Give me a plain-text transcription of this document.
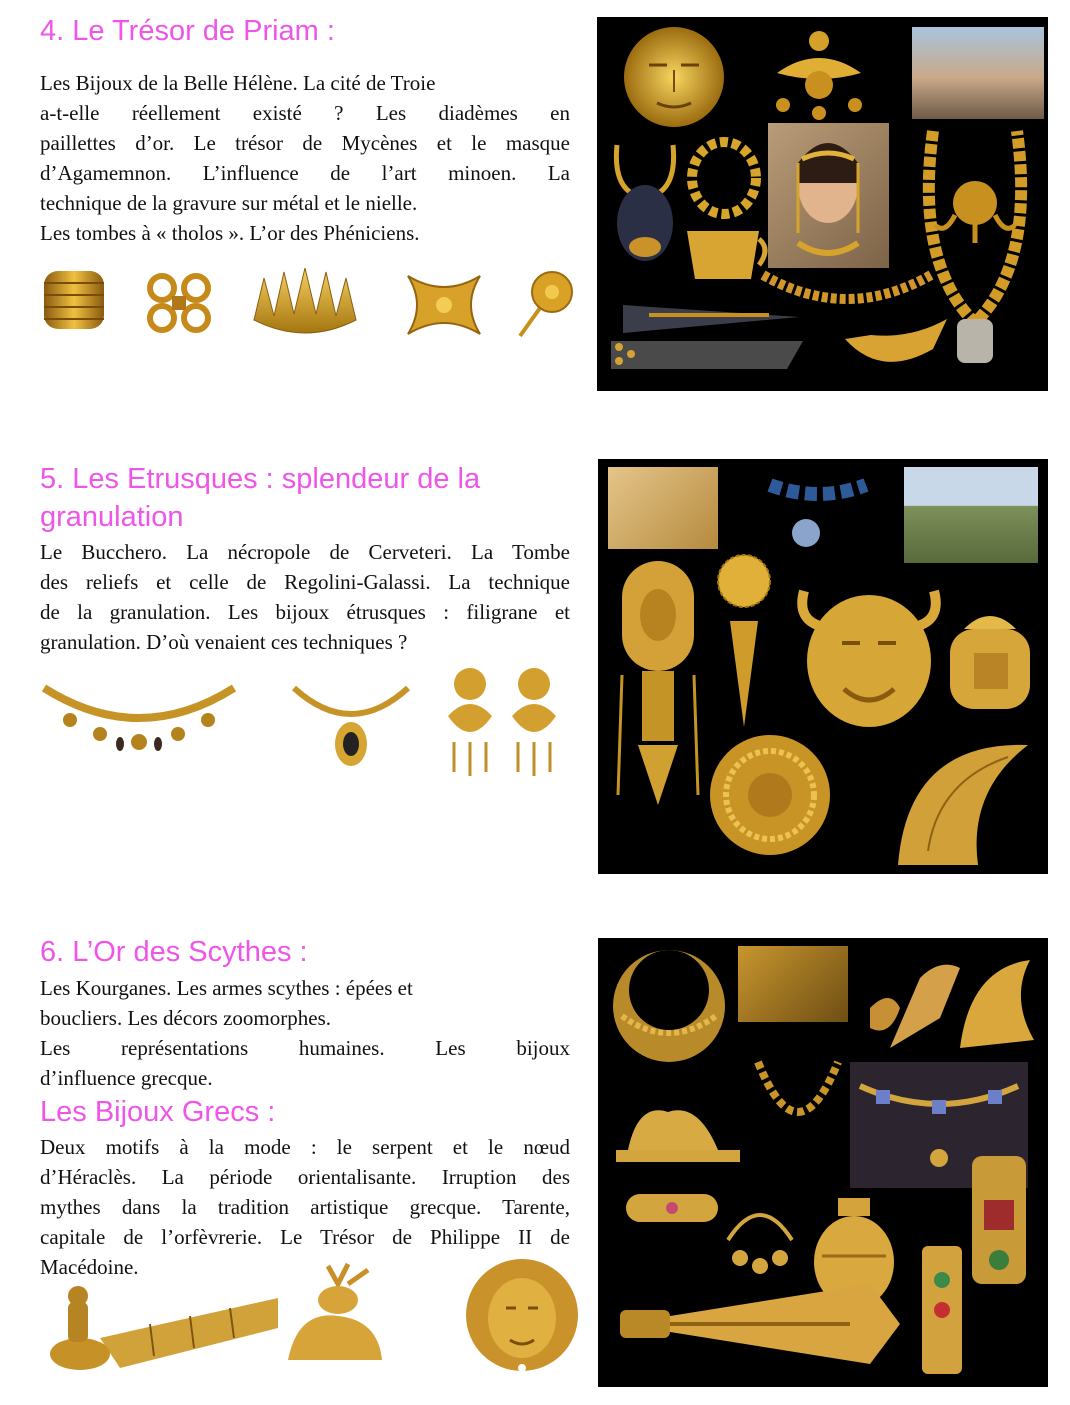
4. Le Trésor de Priam :
Les Bijoux de la Belle Hélène. La cité de Troie
a-t-elle réellement existé ? Les diadèmes en
paillettes d’or. Le trésor de Mycènes et le masque
d’Agamemnon. L’influence de l’art minoen. La
technique de la gravure sur métal et le nielle.
Les tombes à « tholos ». L’or des Phéniciens.
5. Les Etrusques : splendeur de la
granulation
Le Bucchero. La nécropole de Cerveteri. La Tombe
des reliefs et celle de Regolini-Galassi. La technique
de la granulation. Les bijoux étrusques : filigrane et
granulation. D’où venaient ces techniques ?
6. L’Or des Scythes :
Les Kourganes. Les armes scythes : épées et
boucliers. Les décors zoomorphes.
Les représentations humaines. Les bijoux
d’influence grecque.
Les Bijoux Grecs :
Deux motifs à la mode : le serpent et le nœud
d’Héraclès. La période orientalisante. Irruption des
mythes dans la tradition artistique grecque. Tarente,
capitale de l’orfèvrerie. Le Trésor de Philippe II de
Macédoine.
